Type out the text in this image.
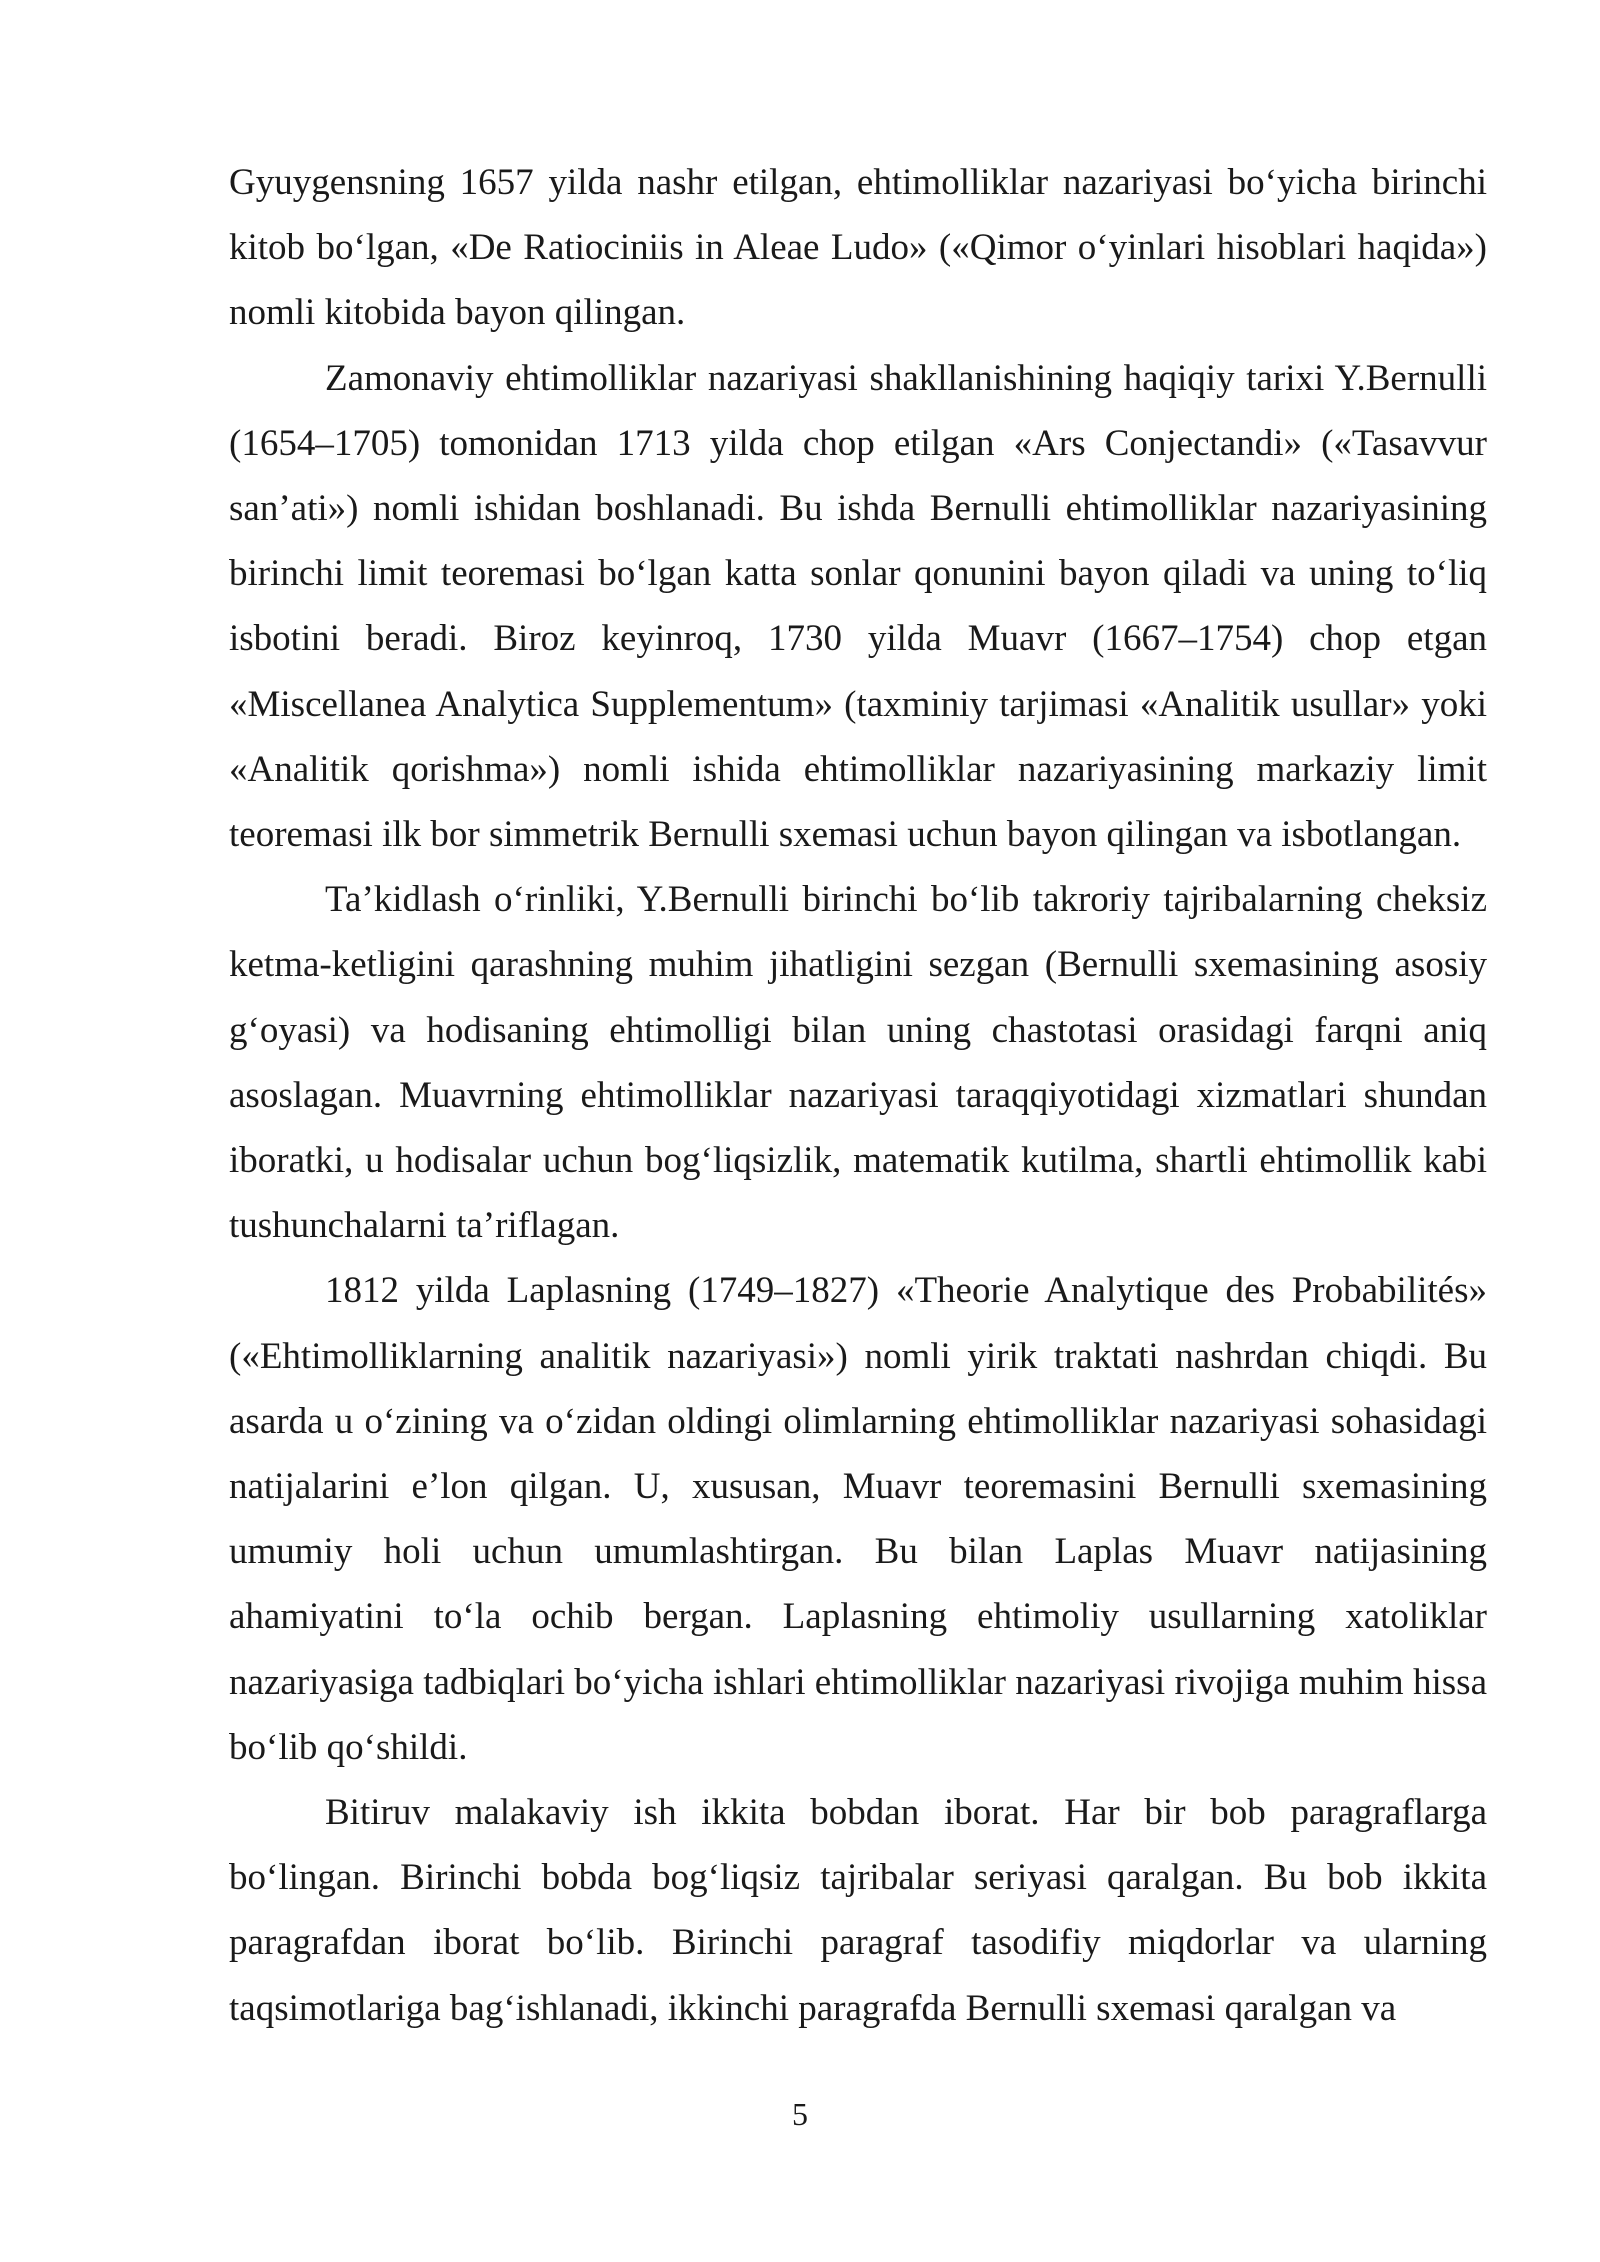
Gyuygensning 1657 yilda nashr etilgan, ehtimolliklar nazariyasi bo‘yicha birinchi kitob bo‘lgan, «De Ratiociniis in Aleae Ludo» («Qimor o‘yinlari hisoblari haqida») nomli kitobida bayon qilingan.

Zamonaviy ehtimolliklar nazariyasi shakllanishining haqiqiy tarixi Y.Bernulli (1654–1705) tomonidan 1713 yilda chop etilgan «Ars Conjectandi» («Tasavvur san’ati») nomli ishidan boshlanadi. Bu ishda Bernulli ehtimolliklar nazariyasining birinchi limit teoremasi bo‘lgan katta sonlar qonunini bayon qiladi va uning to‘liq isbotini beradi. Biroz keyinroq, 1730 yilda Muavr (1667–1754) chop etgan «Miscellanea Analytica Supplementum» (taxminiy tarjimasi «Analitik usullar» yoki «Analitik qorishma») nomli ishida ehtimolliklar nazariyasining markaziy limit teoremasi ilk bor simmetrik Bernulli sxemasi uchun bayon qilingan va isbotlangan.

Ta’kidlash o‘rinliki, Y.Bernulli birinchi bo‘lib takroriy tajribalarning cheksiz ketma-ketligini qarashning muhim jihatligini sezgan (Bernulli sxemasining asosiy g‘oyasi) va hodisaning ehtimolligi bilan uning chastotasi orasidagi farqni aniq asoslagan. Muavrning ehtimolliklar nazariyasi taraqqiyotidagi xizmatlari shundan iboratki, u hodisalar uchun bog‘liqsizlik, matematik kutilma, shartli ehtimollik kabi tushunchalarni ta’riflagan.

1812 yilda Laplasning (1749–1827) «Theorie Analytique des Probabilités» («Ehtimolliklarning analitik nazariyasi») nomli yirik traktati nashrdan chiqdi. Bu asarda u o‘zining va o‘zidan oldingi olimlarning ehtimolliklar nazariyasi sohasidagi natijalarini e’lon qilgan. U, xususan, Muavr teoremasini Bernulli sxemasining umumiy holi uchun umumlashtirgan. Bu bilan Laplas Muavr natijasining ahamiyatini to‘la ochib bergan. Laplasning ehtimoliy usullarning xatoliklar nazariyasiga tadbiqlari bo‘yicha ishlari ehtimolliklar nazariyasi rivojiga muhim hissa bo‘lib qo‘shildi.

Bitiruv malakaviy ish ikkita bobdan iborat. Har bir bob paragraflarga bo‘lingan. Birinchi bobda bog‘liqsiz tajribalar seriyasi qaralgan. Bu bob ikkita paragrafdan iborat bo‘lib. Birinchi paragraf tasodifiy miqdorlar va ularning taqsimotlariga bag‘ishlanadi, ikkinchi paragrafda Bernulli sxemasi qaralgan va

5
